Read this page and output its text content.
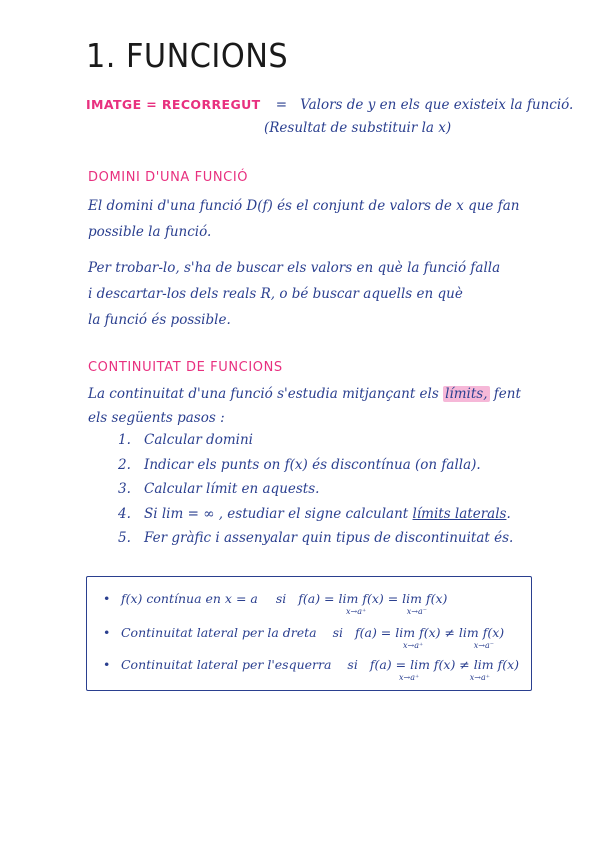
1. FUNCIONS
IMATGE = RECORREGUT = Valors de y en els que existeix la funció.
(Resultat de substituir la x)
DOMINI D'UNA FUNCIÓ
El domini d'una funció D(f) és el conjunt de valors de x que fan
possible la funció.
Per trobar-lo, s'ha de buscar els valors en què la funció falla
i descartar-los dels reals R, o bé buscar aquells en què
la funció és possible.
CONTINUITAT DE FUNCIONS
La continuitat d'una funció s'estudia mitjançant els límits, fent
els següents pasos :
1. Calcular domini
2. Indicar els punts on f(x) és discontínua (on falla).
3. Calcular límit en aquests.
4. Si lim = ∞ , estudiar el signe calculant límits laterals.
5. Fer gràfic i assenyalar quin tipus de discontinuitat és.
• f(x) contínua en x = a si f(a) = lim f(x) = lim f(x)
x→a⁺	x→a⁻
• Continuitat lateral per la dreta si f(a) = lim f(x) ≠ lim f(x)
x→a⁺	x→a⁻
• Continuitat lateral per l'esquerra si f(a) = lim f(x) ≠ lim f(x)
x→a⁺	x→a⁺
